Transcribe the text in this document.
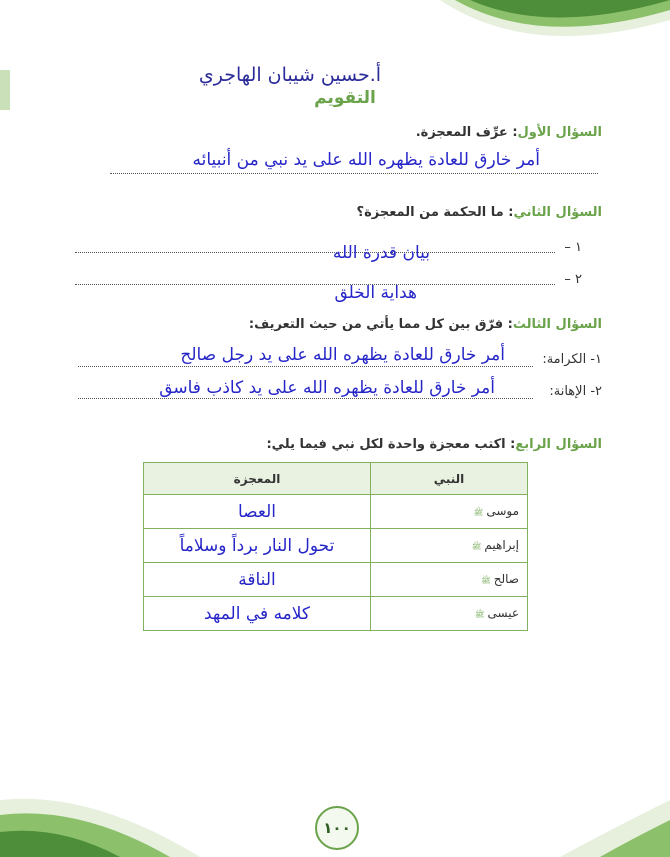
أ.حسين شيبان الهاجري
التقويم
السؤال الأول: عرِّف المعجزة.
أمر خارق للعادة يظهره الله على يد نبي من أنبيائه
السؤال الثاني: ما الحكمة من المعجزة؟
١ –
بيان قدرة الله
٢ –
هداية الخلق
السؤال الثالث: فرّق بين كل مما يأتي من حيث التعريف:
١- الكرامة:
أمر خارق للعادة يظهره الله على يد رجل صالح
٢- الإهانة:
أمر خارق للعادة يظهره الله على يد كاذب فاسق
السؤال الرابع: اكتب معجزة واحدة لكل نبي فيما يلي:
النبي	المعجزة
موسىﷺ	العصا
إبراهيمﷺ	تحول النار برداً وسلاماً
صالحﷺ	الناقة
عيسىﷺ	كلامه في المهد
١٠٠
